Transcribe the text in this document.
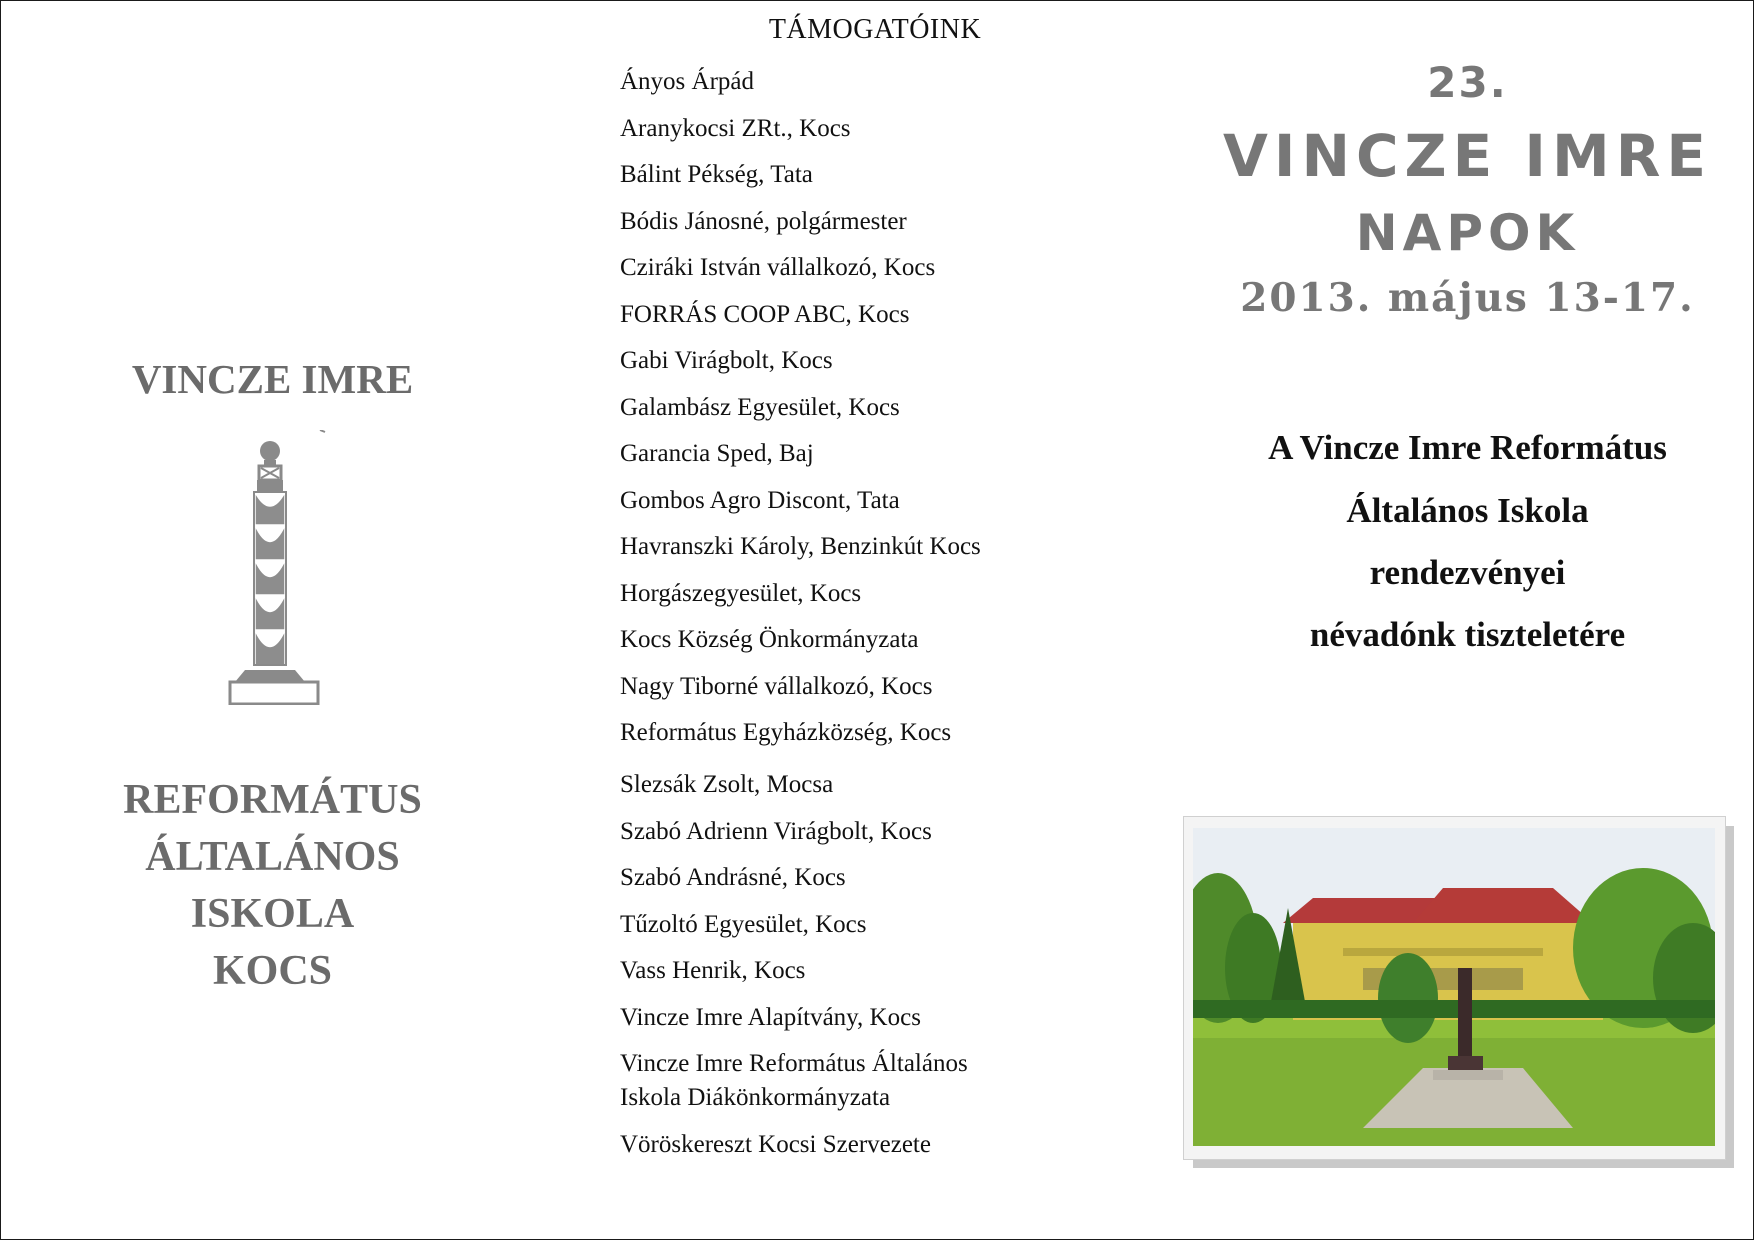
VINCZE IMRE
REFORMÁTUS
ÁLTALÁNOS ISKOLA
KOCS
TÁMOGATÓINK
Ányos Árpád
Aranykocsi ZRt., Kocs
Bálint Pékség, Tata
Bódis Jánosné, polgármester
Cziráki István vállalkozó, Kocs
FORRÁS COOP ABC, Kocs
Gabi Virágbolt, Kocs
Galambász Egyesület, Kocs
Garancia Sped, Baj
Gombos Agro Discont, Tata
Havranszki Károly, Benzinkút Kocs
Horgászegyesület, Kocs
Kocs Község Önkormányzata
Nagy Tiborné vállalkozó, Kocs
Református Egyházközség, Kocs
Slezsák Zsolt, Mocsa
Szabó Adrienn Virágbolt, Kocs
Szabó Andrásné, Kocs
Tűzoltó Egyesület, Kocs
Vass Henrik, Kocs
Vincze Imre Alapítvány, Kocs
Vincze Imre Református Általános
Iskola Diákönkormányzata
Vöröskereszt Kocsi Szervezete
23.
VINCZE IMRE
NAPOK
2013. május 13-17.
A Vincze Imre Református
Általános Iskola
rendezvényei
névadónk tiszteletére
